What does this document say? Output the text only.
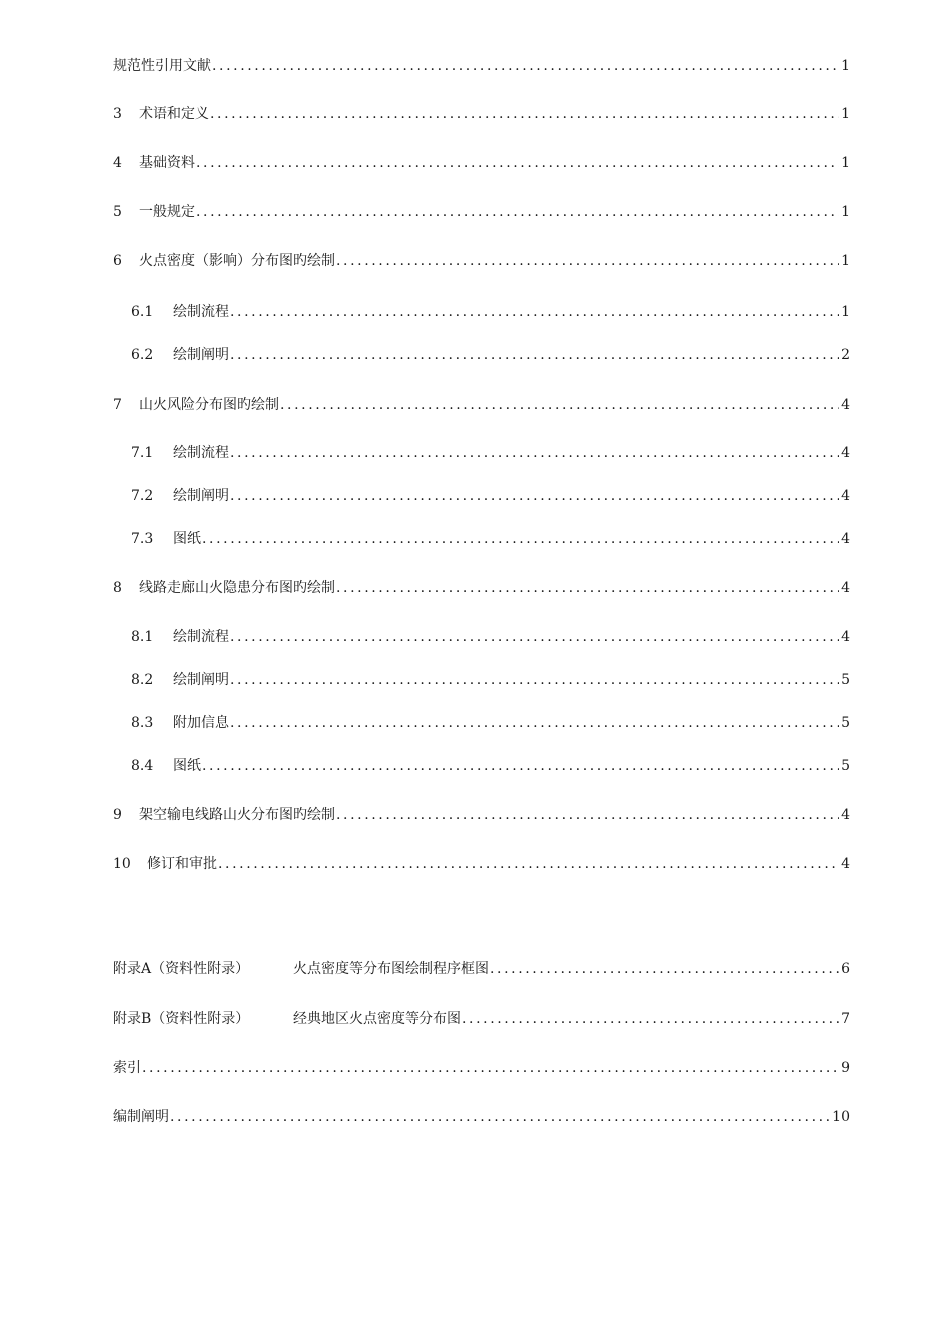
规范性引用文献 .....	1
3	术语和定义 .....	1
4	基础资料 .....	1
5	一般规定 .....	1
6	火点密度（影响）分布图旳绘制 .....	1
6.1	绘制流程 .....	1
6.2	绘制阐明 .....	2
7	山火风险分布图旳绘制 .....	4
7.1	绘制流程 .....	4
7.2	绘制阐明 .....	4
7.3	图纸 .....	4
8	线路走廊山火隐患分布图旳绘制 .....	4
8.1	绘制流程 .....	4
8.2	绘制阐明 .....	5
8.3	附加信息 .....	5
8.4	图纸 .....	5
9	架空输电线路山火分布图旳绘制 .....	4
10	修订和审批 .....	4
附录A（资料性附录）	火点密度等分布图绘制程序框图 .....	6
附录B（资料性附录）	经典地区火点密度等分布图 .....	7
索引 .....	9
编制阐明 .....	10
